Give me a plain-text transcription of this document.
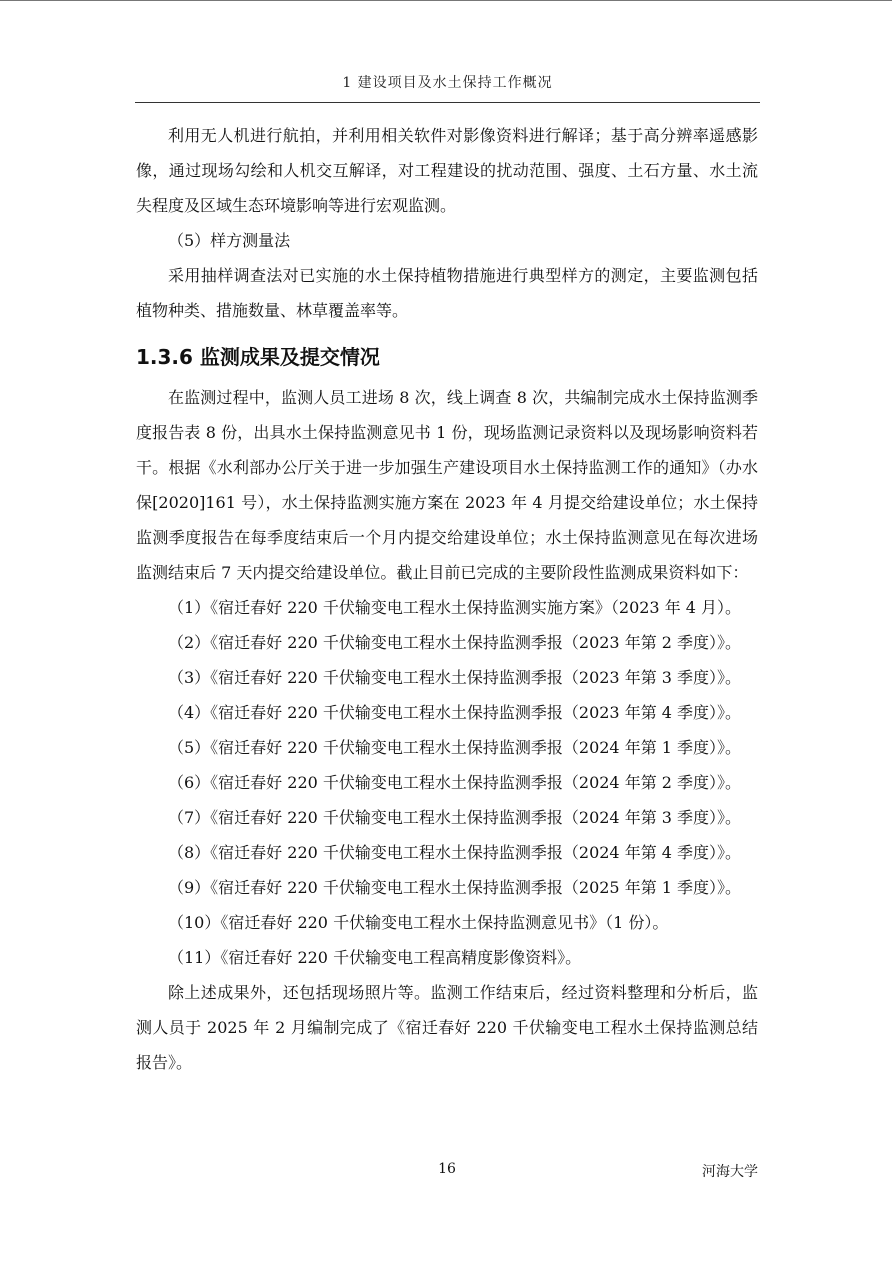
1 建设项目及水土保持工作概况

利用无人机进行航拍，并利用相关软件对影像资料进行解译；基于高分辨率遥感影像，通过现场勾绘和人机交互解译，对工程建设的扰动范围、强度、土石方量、水土流失程度及区域生态环境影响等进行宏观监测。

（5）样方测量法

采用抽样调查法对已实施的水土保持植物措施进行典型样方的测定，主要监测包括植物种类、措施数量、林草覆盖率等。

1.3.6 监测成果及提交情况

在监测过程中，监测人员工进场 8 次，线上调查 8 次，共编制完成水土保持监测季度报告表 8 份，出具水土保持监测意见书 1 份，现场监测记录资料以及现场影响资料若干。根据《水利部办公厅关于进一步加强生产建设项目水土保持监测工作的通知》（办水保[2020]161 号），水土保持监测实施方案在 2023 年 4 月提交给建设单位；水土保持监测季度报告在每季度结束后一个月内提交给建设单位；水土保持监测意见在每次进场监测结束后 7 天内提交给建设单位。截止目前已完成的主要阶段性监测成果资料如下：

（1）《宿迁春好 220 千伏输变电工程水土保持监测实施方案》（2023 年 4 月）。

（2）《宿迁春好 220 千伏输变电工程水土保持监测季报（2023 年第 2 季度）》。

（3）《宿迁春好 220 千伏输变电工程水土保持监测季报（2023 年第 3 季度）》。

（4）《宿迁春好 220 千伏输变电工程水土保持监测季报（2023 年第 4 季度）》。

（5）《宿迁春好 220 千伏输变电工程水土保持监测季报（2024 年第 1 季度）》。

（6）《宿迁春好 220 千伏输变电工程水土保持监测季报（2024 年第 2 季度）》。

（7）《宿迁春好 220 千伏输变电工程水土保持监测季报（2024 年第 3 季度）》。

（8）《宿迁春好 220 千伏输变电工程水土保持监测季报（2024 年第 4 季度）》。

（9）《宿迁春好 220 千伏输变电工程水土保持监测季报（2025 年第 1 季度）》。

（10）《宿迁春好 220 千伏输变电工程水土保持监测意见书》（1 份）。

（11）《宿迁春好 220 千伏输变电工程高精度影像资料》。

除上述成果外，还包括现场照片等。监测工作结束后，经过资料整理和分析后，监测人员于 2025 年 2 月编制完成了《宿迁春好 220 千伏输变电工程水土保持监测总结报告》。

16	河海大学
